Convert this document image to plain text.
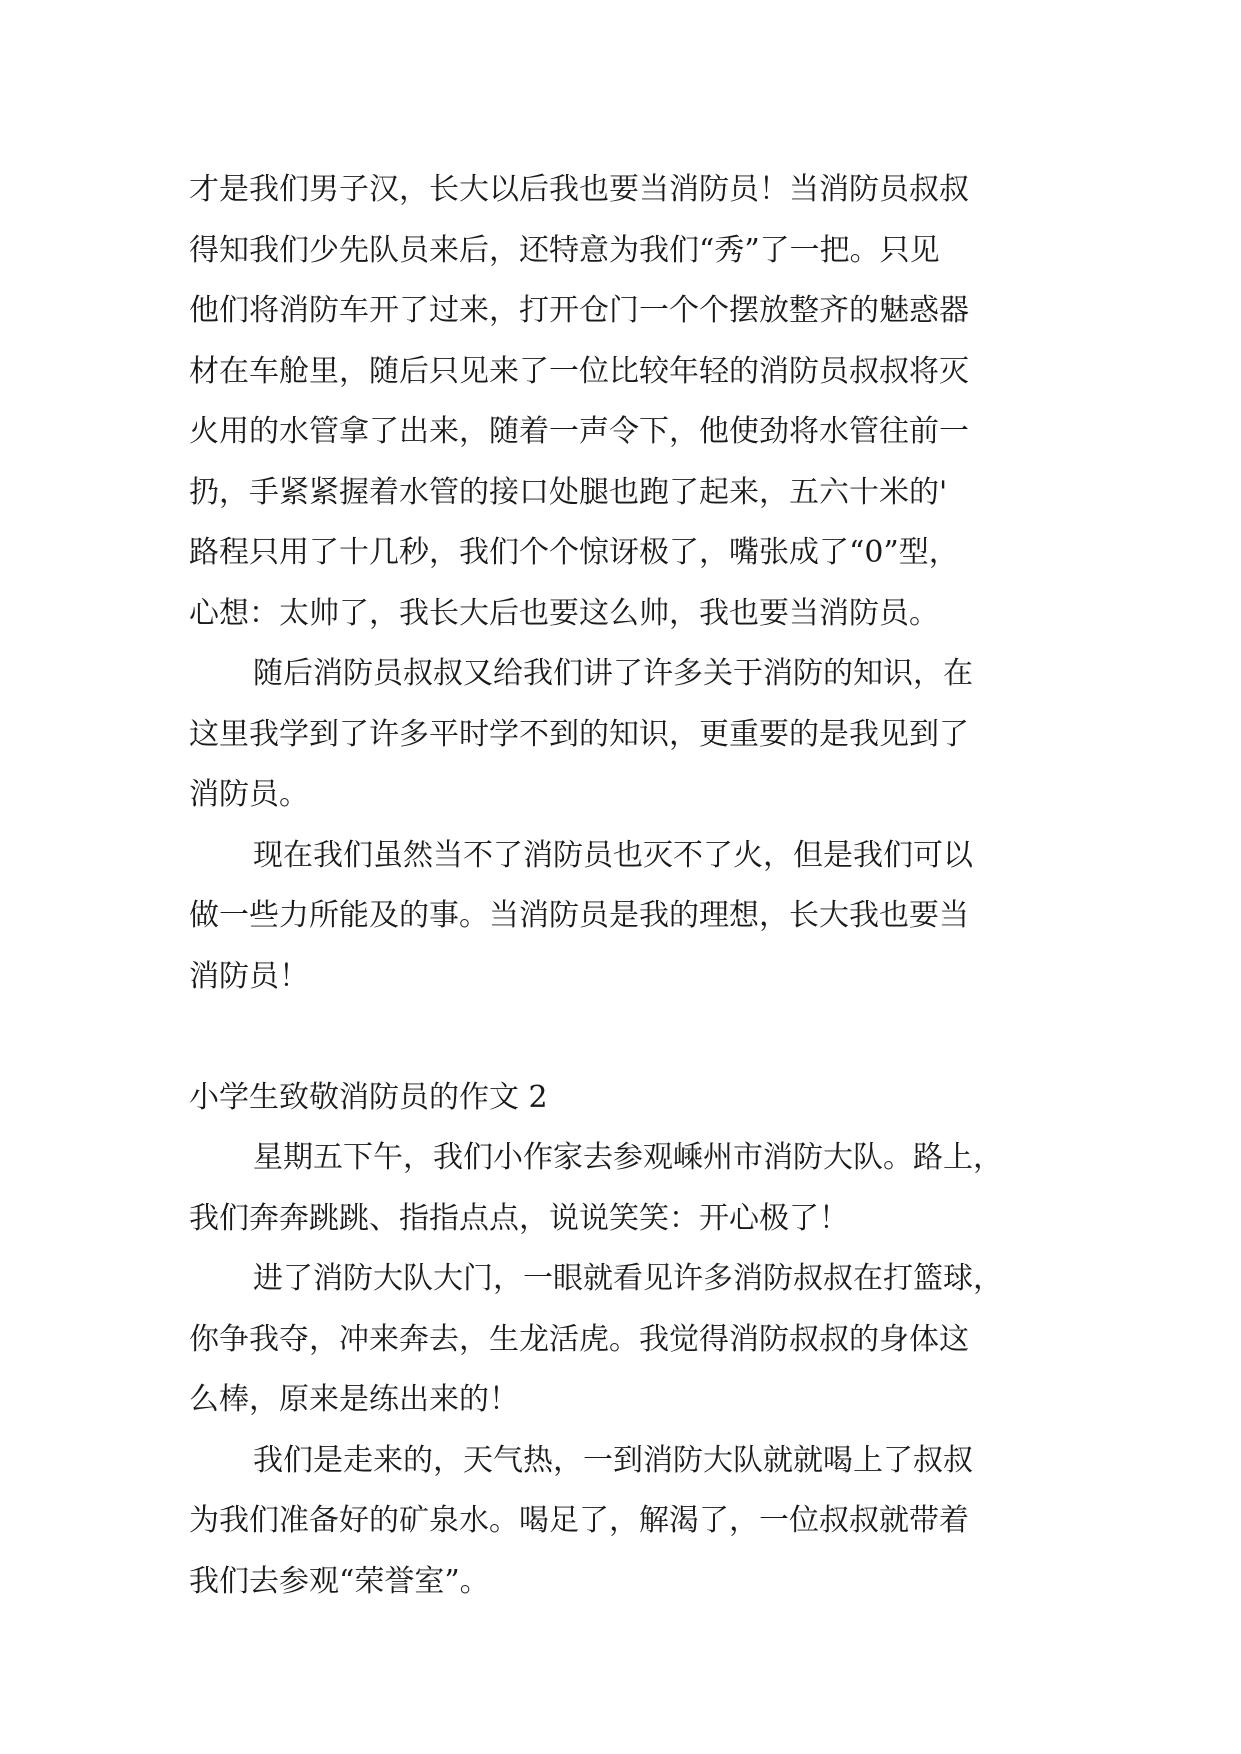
才是我们男子汉，长大以后我也要当消防员！当消防员叔叔
得知我们少先队员来后，还特意为我们“秀”了一把。只见
他们将消防车开了过来，打开仓门一个个摆放整齐的魅惑器
材在车舱里，随后只见来了一位比较年轻的消防员叔叔将灭
火用的水管拿了出来，随着一声令下，他使劲将水管往前一
扔，手紧紧握着水管的接口处腿也跑了起来，五六十米的'
路程只用了十几秒，我们个个惊讶极了，嘴张成了“0”型，
心想：太帅了，我长大后也要这么帅，我也要当消防员。
随后消防员叔叔又给我们讲了许多关于消防的知识，在
这里我学到了许多平时学不到的知识，更重要的是我见到了
消防员。
现在我们虽然当不了消防员也灭不了火，但是我们可以
做一些力所能及的事。当消防员是我的理想，长大我也要当
消防员！
小学生致敬消防员的作文 2
星期五下午，我们小作家去参观嵊州市消防大队。路上，
我们奔奔跳跳、指指点点，说说笑笑：开心极了！
进了消防大队大门，一眼就看见许多消防叔叔在打篮球，
你争我夺，冲来奔去，生龙活虎。我觉得消防叔叔的身体这
么棒，原来是练出来的！
我们是走来的，天气热，一到消防大队就就喝上了叔叔
为我们准备好的矿泉水。喝足了，解渴了，一位叔叔就带着
我们去参观“荣誉室”。
